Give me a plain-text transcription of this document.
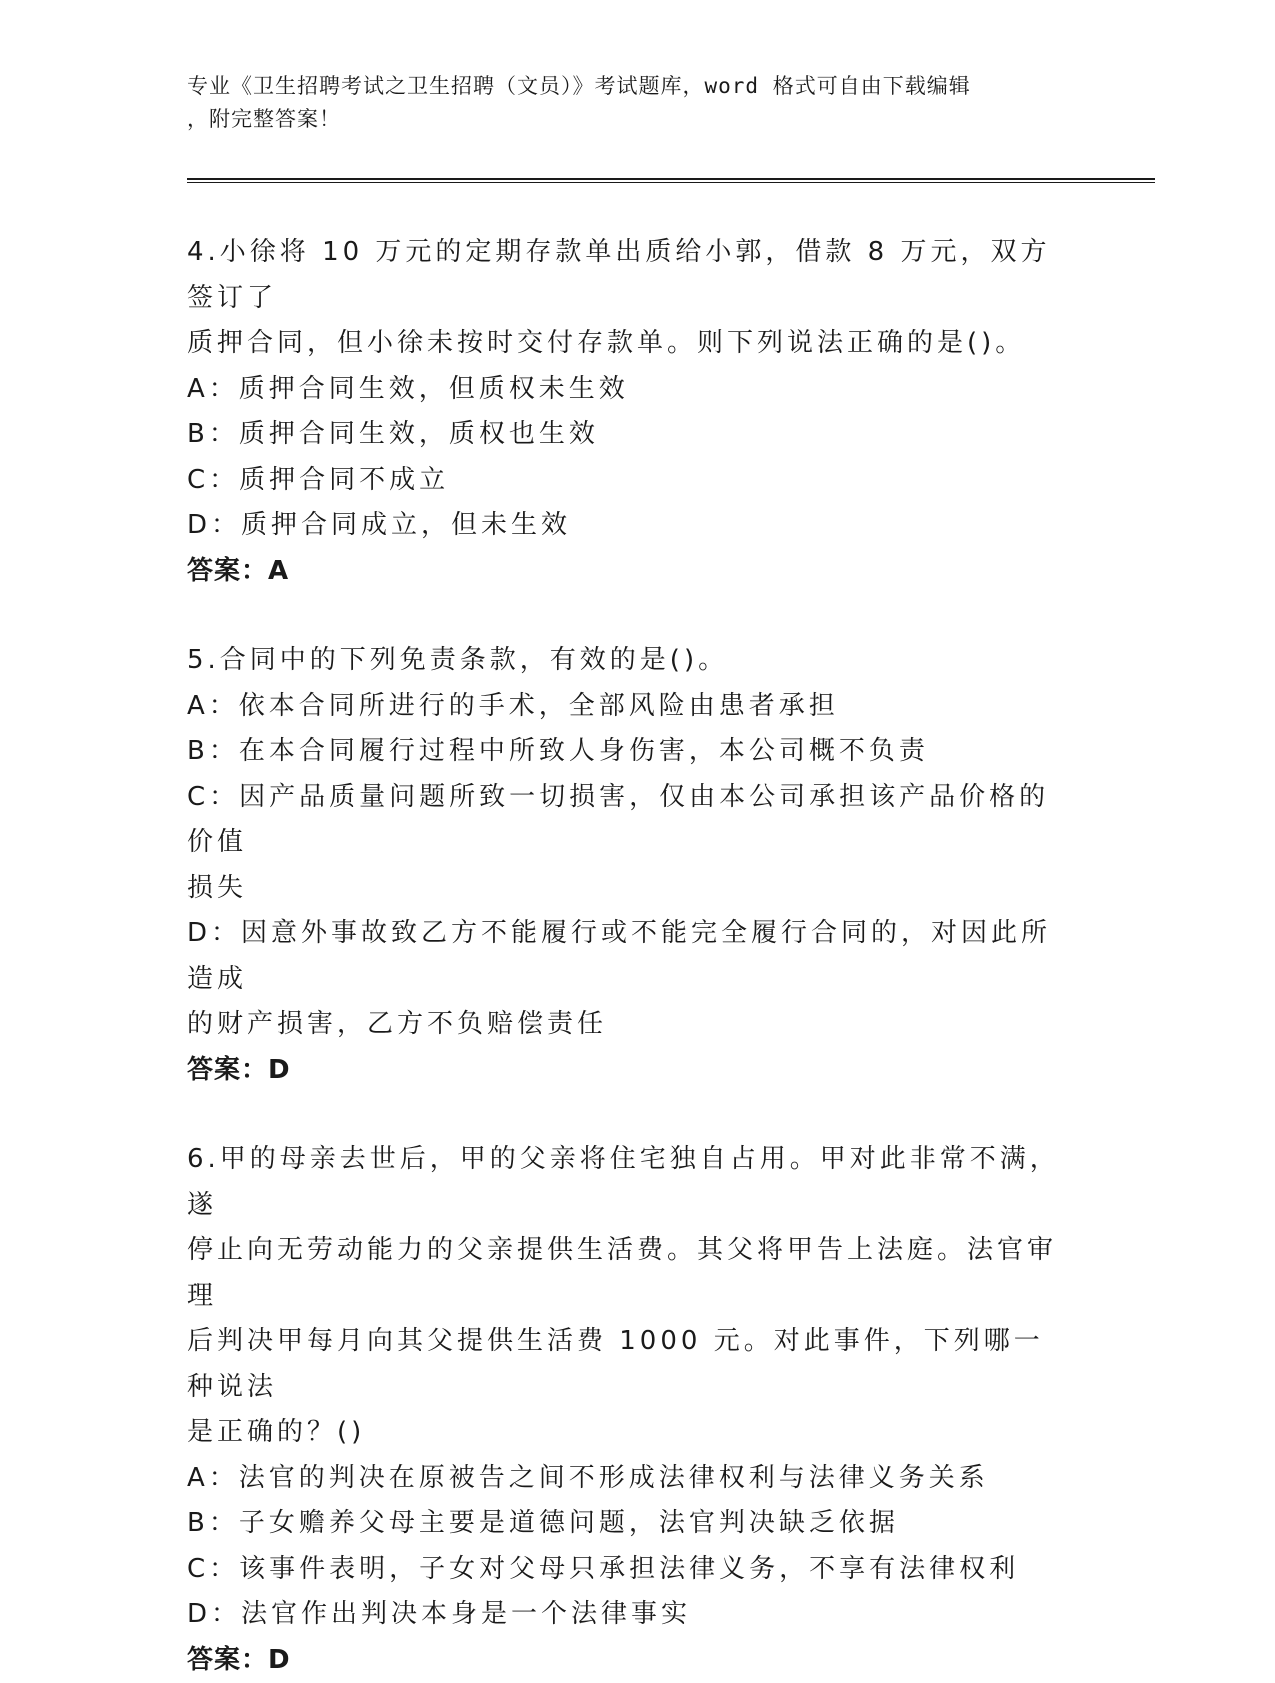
专业《卫生招聘考试之卫生招聘（文员）》考试题库，word 格式可自由下载编辑
，附完整答案！
4.小徐将 10 万元的定期存款单出质给小郭，借款 8 万元，双方签订了
质押合同，但小徐未按时交付存款单。则下列说法正确的是()。
A：质押合同生效，但质权未生效
B：质押合同生效，质权也生效
C：质押合同不成立
D：质押合同成立，但未生效
答案：A
5.合同中的下列免责条款，有效的是()。
A：依本合同所进行的手术，全部风险由患者承担
B：在本合同履行过程中所致人身伤害，本公司概不负责
C：因产品质量问题所致一切损害，仅由本公司承担该产品价格的价值
损失
D：因意外事故致乙方不能履行或不能完全履行合同的，对因此所造成
的财产损害，乙方不负赔偿责任
答案：D
6.甲的母亲去世后，甲的父亲将住宅独自占用。甲对此非常不满，遂
停止向无劳动能力的父亲提供生活费。其父将甲告上法庭。法官审理
后判决甲每月向其父提供生活费 1000 元。对此事件，下列哪一种说法
是正确的？()
A：法官的判决在原被告之间不形成法律权利与法律义务关系
B：子女赡养父母主要是道德问题，法官判决缺乏依据
C：该事件表明，子女对父母只承担法律义务，不享有法律权利
D：法官作出判决本身是一个法律事实
答案：D
